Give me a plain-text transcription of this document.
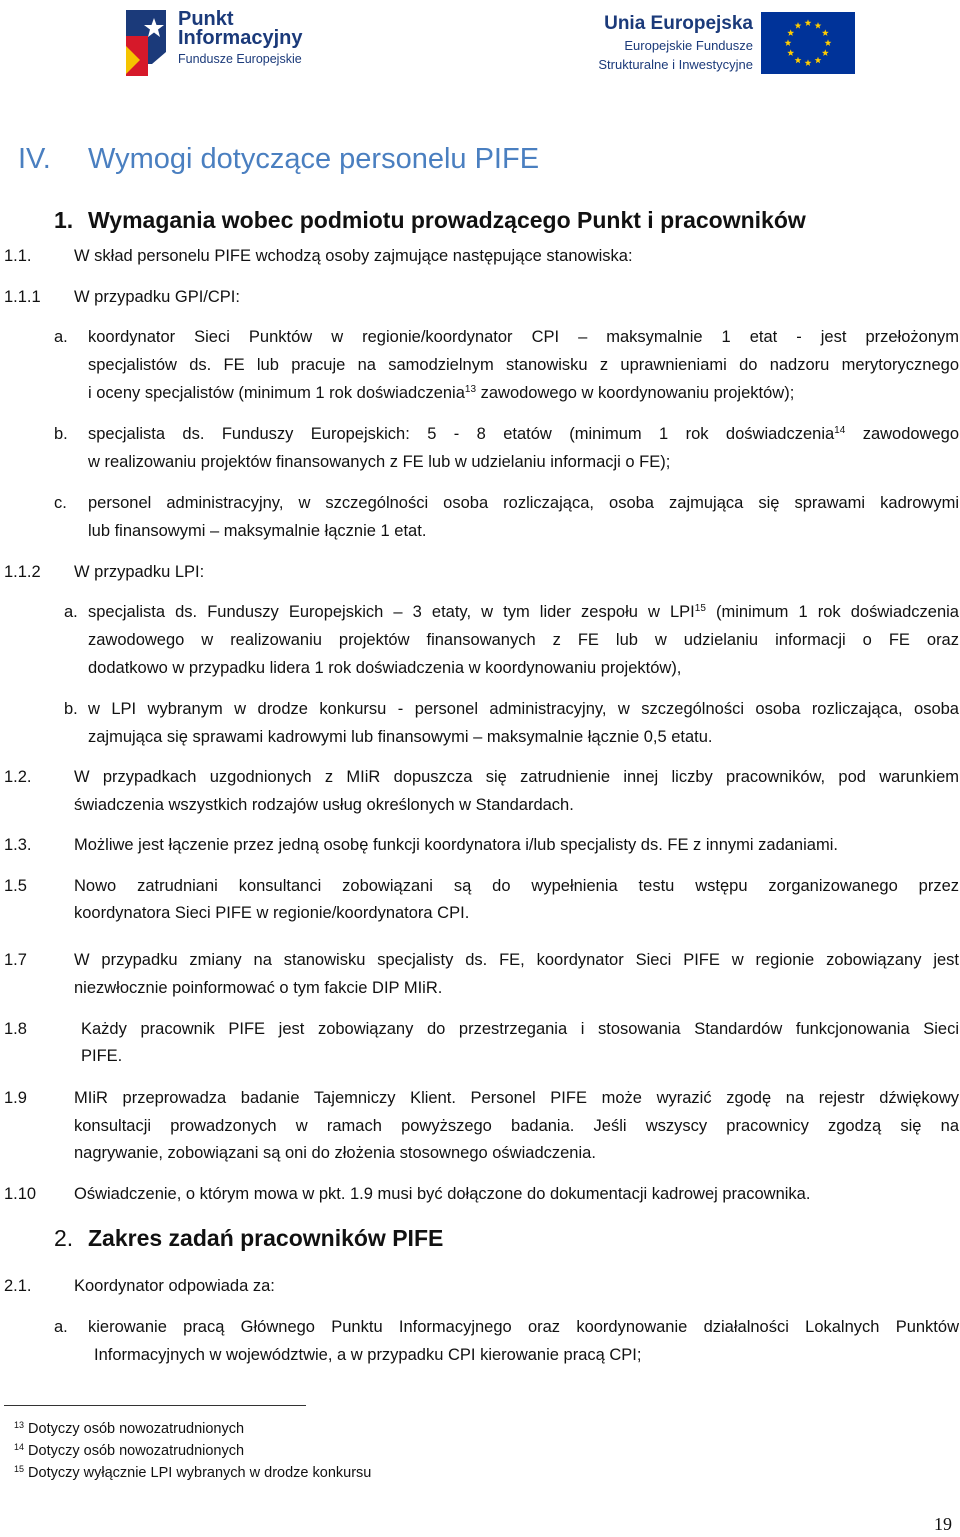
Punkt
Informacyjny
Fundusze Europejskie
Unia Europejska
Europejskie Fundusze
Strukturalne i Inwestycyjne
IV. Wymogi dotyczące personelu PIFE
1. Wymagania wobec podmiotu prowadzącego Punkt i pracowników
1.1.	W skład personelu PIFE wchodzą osoby zajmujące następujące stanowiska:
1.1.1 W przypadku GPI/CPI:
a. koordynator Sieci Punktów w regionie/koordynator CPI – maksymalnie 1 etat - jest przełożonym
specjalistów ds. FE lub pracuje na samodzielnym stanowisku z uprawnieniami do nadzoru merytorycznego
i oceny specjalistów (minimum 1 rok doświadczenia$^{13}$ zawodowego w koordynowaniu projektów);
b. specjalista ds. Funduszy Europejskich: 5 - 8 etatów (minimum 1 rok doświadczenia$^{14}$ zawodowego
w realizowaniu projektów finansowanych z FE lub w udzielaniu informacji o FE);
c. personel administracyjny, w szczególności osoba rozliczająca, osoba zajmująca się sprawami kadrowymi
lub finansowymi – maksymalnie łącznie 1 etat.
1.1.2 W przypadku LPI:
a. specjalista ds. Funduszy Europejskich – 3 etaty, w tym lider zespołu w LPI$^{15}$ (minimum 1 rok doświadczenia
zawodowego w realizowaniu projektów finansowanych z FE lub w udzielaniu informacji o FE oraz
dodatkowo w przypadku lidera 1 rok doświadczenia w koordynowaniu projektów),
b. w LPI wybranym w drodze konkursu - personel administracyjny, w szczególności osoba rozliczająca, osoba
zajmująca się sprawami kadrowymi lub finansowymi – maksymalnie łącznie 0,5 etatu.
1.2.	W przypadkach uzgodnionych z MIiR dopuszcza się zatrudnienie innej liczby pracowników, pod warunkiem
świadczenia wszystkich rodzajów usług określonych w Standardach.
1.3.	Możliwe jest łączenie przez jedną osobę funkcji koordynatora i/lub specjalisty ds. FE z innymi zadaniami.
1.5	Nowo zatrudniani konsultanci zobowiązani są do wypełnienia testu wstępu zorganizowanego przez
koordynatora Sieci PIFE w regionie/koordynatora CPI.
1.7	W przypadku zmiany na stanowisku specjalisty ds. FE, koordynator Sieci PIFE w regionie zobowiązany jest
niezwłocznie poinformować o tym fakcie DIP MIiR.
1.8	Każdy pracownik PIFE jest zobowiązany do przestrzegania i stosowania Standardów funkcjonowania Sieci
PIFE.
1.9	MIiR przeprowadza badanie Tajemniczy Klient. Personel PIFE może wyrazić zgodę na rejestr dźwiękowy
konsultacji prowadzonych w ramach powyższego badania. Jeśli wszyscy pracownicy zgodzą się na
nagrywanie, zobowiązani są oni do złożenia stosownego oświadczenia.
1.10 Oświadczenie, o którym mowa w pkt. 1.9 musi być dołączone do dokumentacji kadrowej pracownika.
2. Zakres zadań pracowników PIFE
2.1.	Koordynator odpowiada za:
a. kierowanie pracą Głównego Punktu Informacyjnego oraz koordynowanie działalności Lokalnych Punktów
Informacyjnych w województwie, a w przypadku CPI kierowanie pracą CPI;
$^{13}$ Dotyczy osób nowozatrudnionych
$^{14}$ Dotyczy osób nowozatrudnionych
$^{15}$ Dotyczy wyłącznie LPI wybranych w drodze konkursu
19
